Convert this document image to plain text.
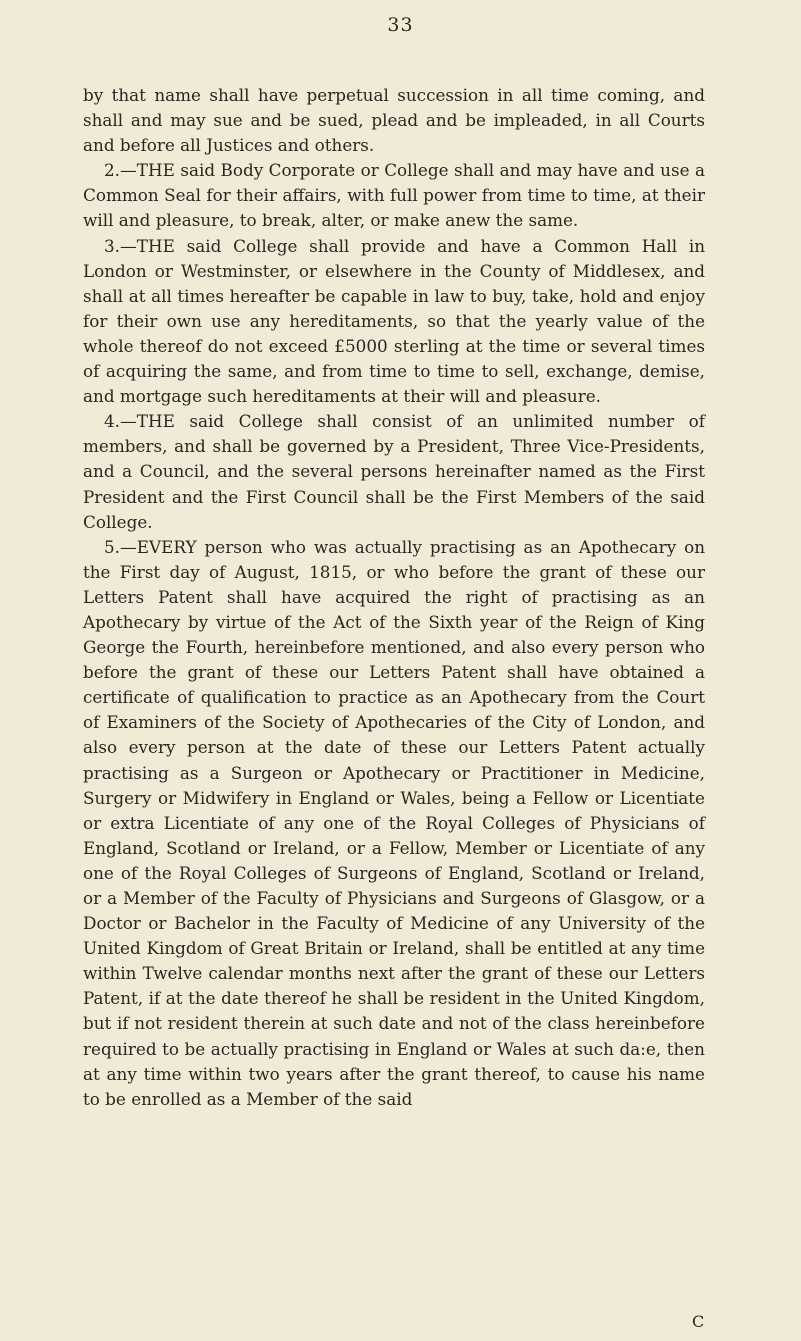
33

by that name shall have perpetual succession in all time coming, and shall and may sue and be sued, plead and be impleaded, in all Courts and before all Justices and others.

2.—THE said Body Corporate or College shall and may have and use a Common Seal for their affairs, with full power from time to time, at their will and pleasure, to break, alter, or make anew the same.

3.—THE said College shall provide and have a Common Hall in London or Westminster, or elsewhere in the County of Middlesex, and shall at all times hereafter be capable in law to buy, take, hold and enjoy for their own use any hereditaments, so that the yearly value of the whole thereof do not exceed £5000 sterling at the time or several times of acquiring the same, and from time to time to sell, exchange, demise, and mortgage such hereditaments at their will and pleasure.

4.—THE said College shall consist of an unlimited number of members, and shall be governed by a President, Three Vice-Presidents, and a Council, and the several persons hereinafter named as the First President and the First Council shall be the First Members of the said College.

5.—EVERY person who was actually practising as an Apothecary on the First day of August, 1815, or who before the grant of these our Letters Patent shall have acquired the right of practising as an Apothecary by virtue of the Act of the Sixth year of the Reign of King George the Fourth, hereinbefore mentioned, and also every person who before the grant of these our Letters Patent shall have obtained a certificate of qualification to practice as an Apothecary from the Court of Examiners of the Society of Apothecaries of the City of London, and also every person at the date of these our Letters Patent actually practising as a Surgeon or Apothecary or Practitioner in Medicine, Surgery or Midwifery in England or Wales, being a Fellow or Licentiate or extra Licentiate of any one of the Royal Colleges of Physicians of England, Scotland or Ireland, or a Fellow, Member or Licentiate of any one of the Royal Colleges of Surgeons of England, Scotland or Ireland, or a Member of the Faculty of Physicians and Surgeons of Glasgow, or a Doctor or Bachelor in the Faculty of Medicine of any University of the United Kingdom of Great Britain or Ireland, shall be entitled at any time within Twelve calendar months next after the grant of these our Letters Patent, if at the date thereof he shall be resident in the United Kingdom, but if not resident therein at such date and not of the class hereinbefore required to be actually practising in England or Wales at such da:e, then at any time within two years after the grant thereof, to cause his name to be enrolled as a Member of the said

C
